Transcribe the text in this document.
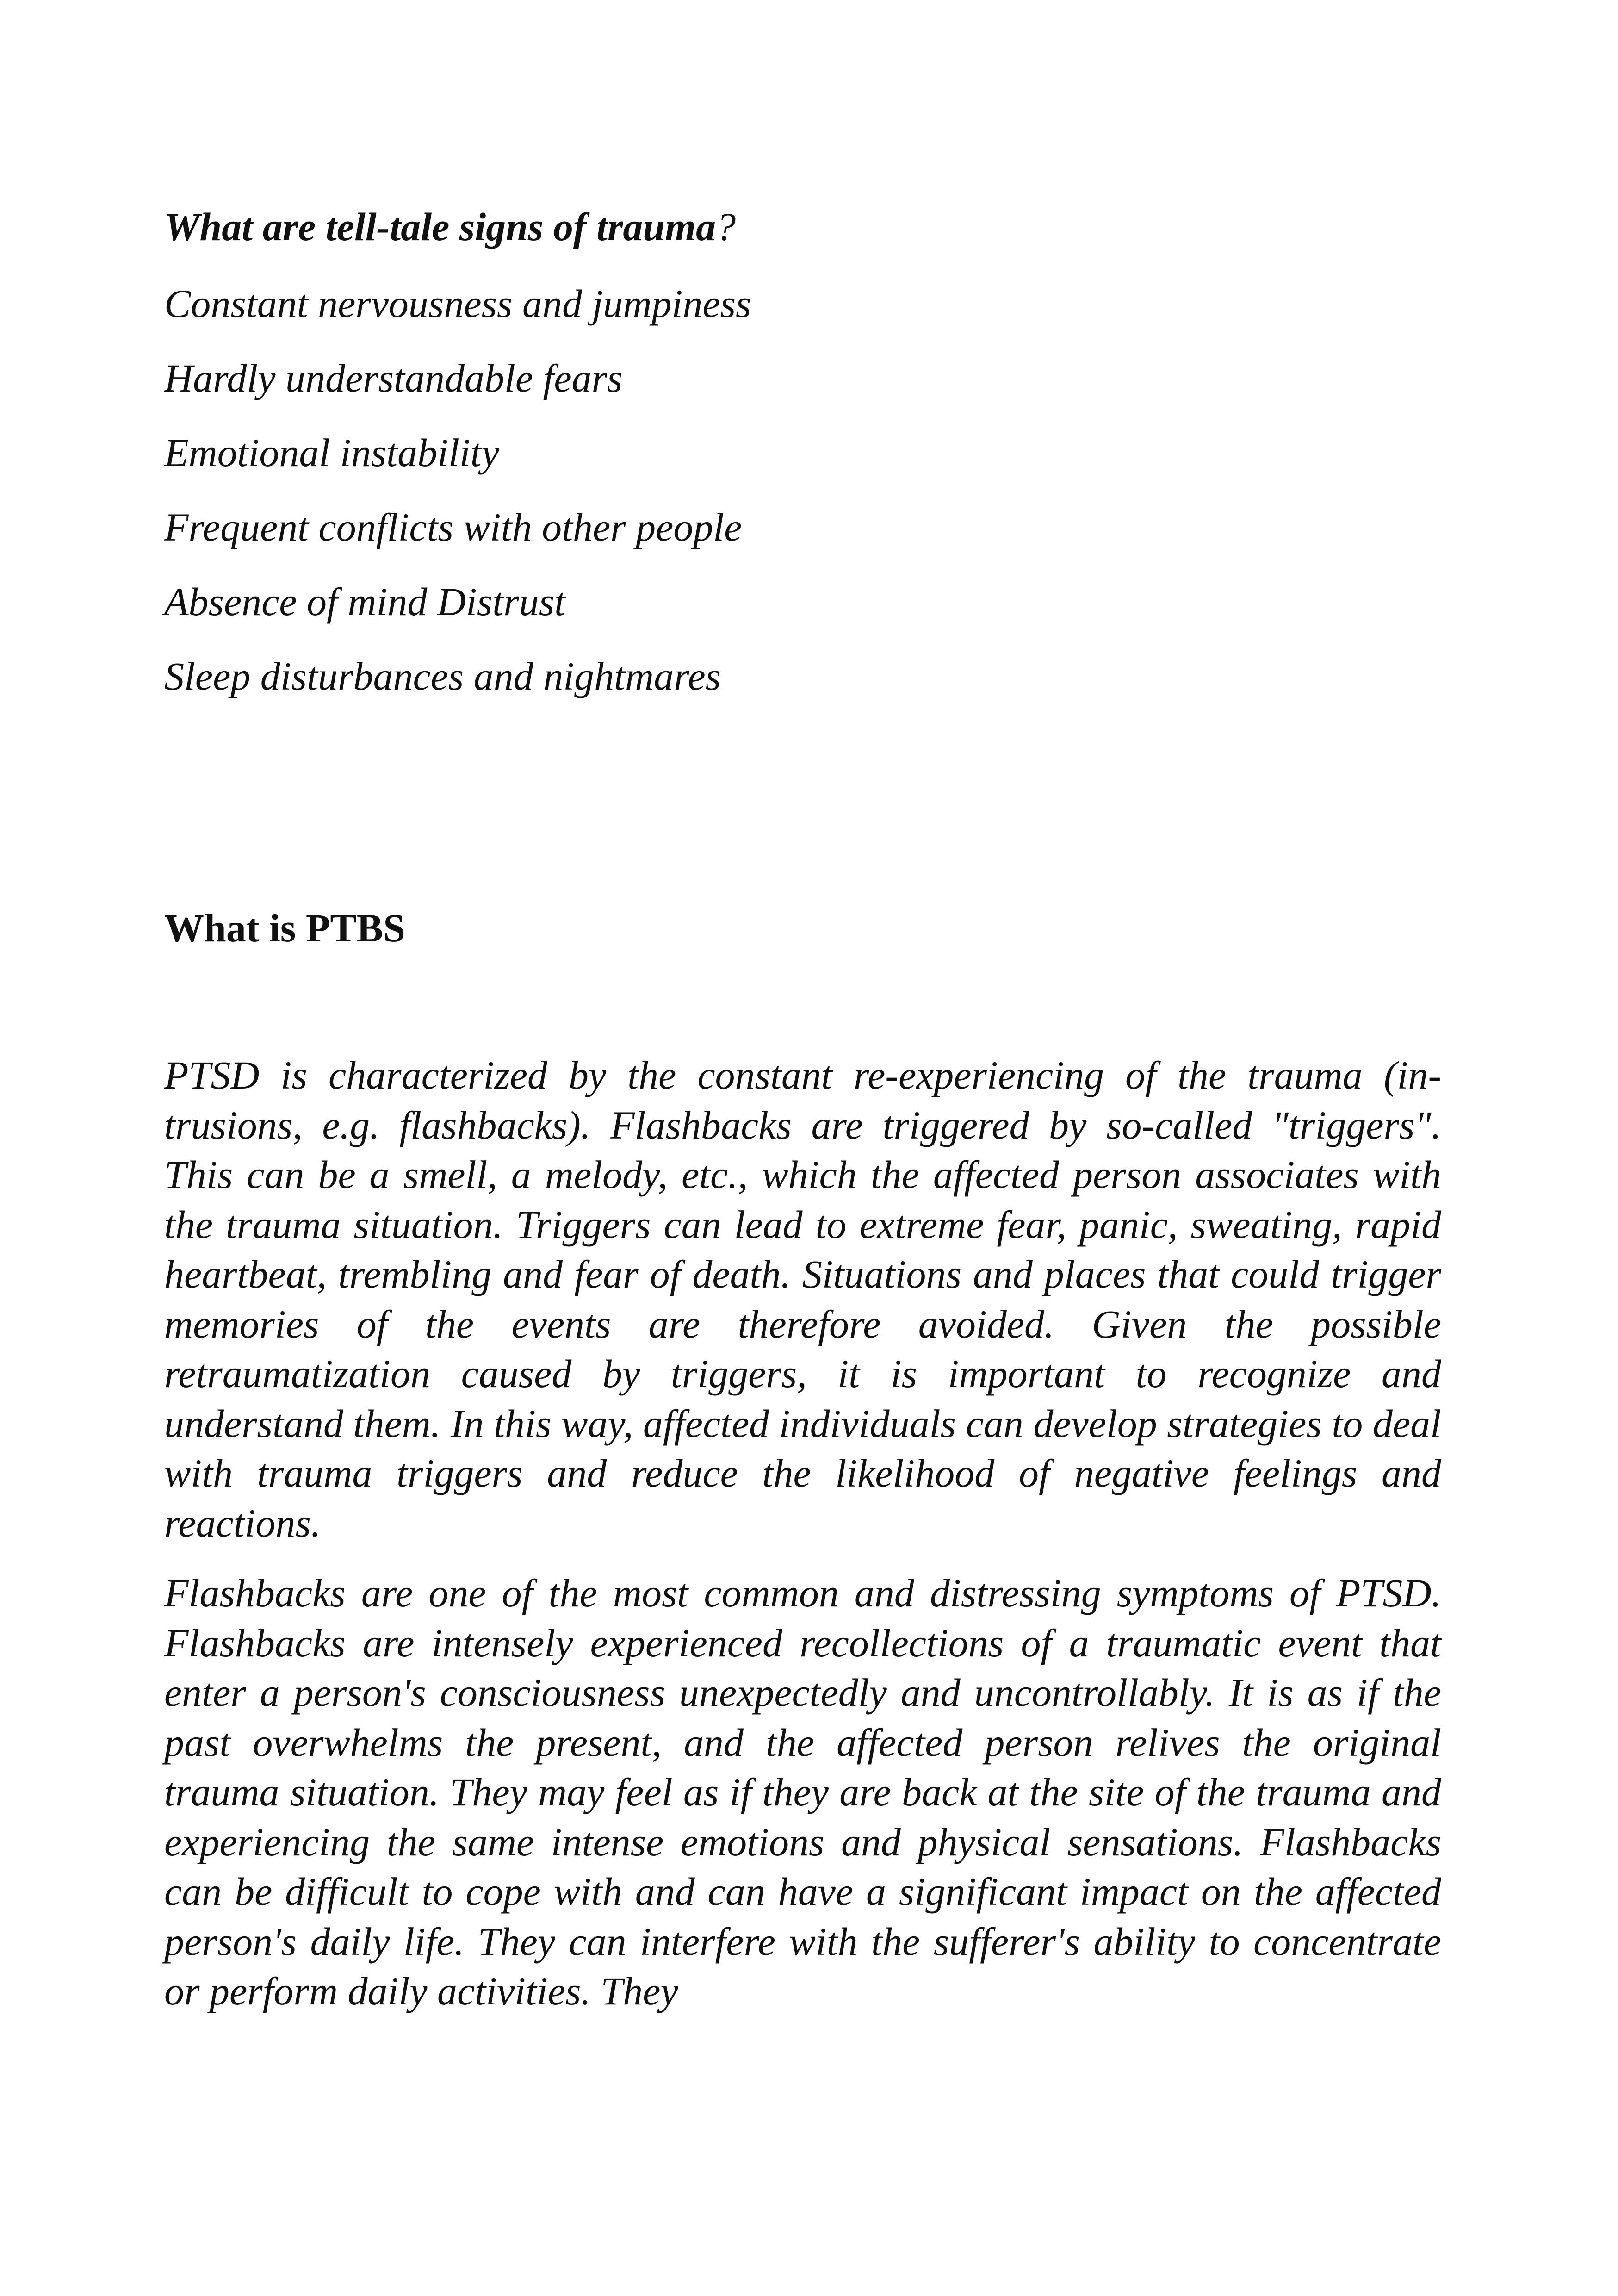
What are tell-tale signs of trauma?
Constant nervousness and jumpiness
Hardly understandable fears
Emotional instability
Frequent conflicts with other people
Absence of mind Distrust
Sleep disturbances and nightmares
What is PTBS

PTSD is characterized by the constant re-experiencing of the trauma (intrusions, e.g. flashbacks). Flashbacks are triggered by so-called "triggers". This can be a smell, a melody, etc., which the affected person associates with the trauma situation. Triggers can lead to extreme fear, panic, sweating, rapid heartbeat, trembling and fear of death. Situations and places that could trigger memories of the events are therefore avoided. Given the possible retraumatization caused by triggers, it is important to recognize and understand them. In this way, affected individuals can develop strategies to deal with trauma triggers and reduce the likelihood of negative feelings and reactions.

Flashbacks are one of the most common and distressing symptoms of PTSD. Flashbacks are intensely experienced recollections of a traumatic event that enter a person's consciousness unexpectedly and uncontrollably. It is as if the past overwhelms the present, and the affected person relives the original trauma situation. They may feel as if they are back at the site of the trauma and experiencing the same intense emotions and physical sensations. Flashbacks can be difficult to cope with and can have a significant impact on the affected person's daily life. They can interfere with the sufferer's ability to concentrate or perform daily activities. They
